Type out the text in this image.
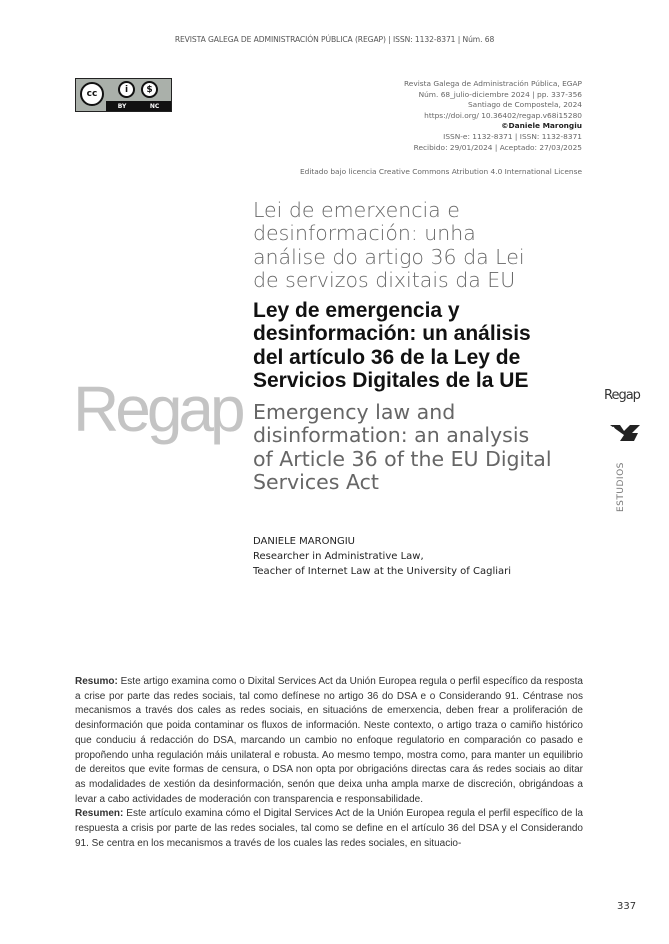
REVISTA GALEGA DE ADMINISTRACIÓN PÚBLICA (REGAP) | ISSN: 1132-8371 | Núm. 68
cc	i	$
BY	NC
Revista Galega de Administración Pública, EGAP
Núm. 68_julio-diciembre 2024 | pp. 337-356
Santiago de Compostela, 2024
https://doi.org/ 10.36402/regap.v68i15280
©Daniele Marongiu
ISSN-e: 1132-8371 | ISSN: 1132-8371
Recibido: 29/01/2024 | Aceptado: 27/03/2025
Editado bajo licencia Creative Commons Atribution 4.0 International License
Lei de emerxencia e desinformación: unha análise do artigo 36 da Lei de servizos dixitais da EU
Ley de emergencia y desinformación: un análisis del artículo 36 de la Ley de Servicios Digitales de la UE
Emergency law and disinformation: an analysis of Article 36 of the EU Digital Services Act
Regap	Regap
ESTUDIOS
DANIELE MARONGIU
Researcher in Administrative Law,
Teacher of Internet Law at the University of Cagliari
Resumo: Este artigo examina como o Dixital Services Act da Unión Europea regula o perfil específico da resposta a crise por parte das redes sociais, tal como defínese no artigo 36 do DSA e o Considerando 91. Céntrase nos mecanismos a través dos cales as redes sociais, en situacións de emerxencia, deben frear a proliferación de desinformación que poida contaminar os fluxos de información. Neste contexto, o artigo traza o camiño histórico que conduciu á redacción do DSA, marcando un cambio no enfoque regulatorio en comparación co pasado e propoñendo unha regulación máis unilateral e robusta. Ao mesmo tempo, mostra como, para manter un equilibrio de dereitos que evite formas de censura, o DSA non opta por obrigacións directas cara ás redes sociais ao ditar as modalidades de xestión da desinformación, senón que deixa unha ampla marxe de discreción, obrigándoas a levar a cabo actividades de moderación con transparencia e responsabilidade.
Resumen: Este artículo examina cómo el Digital Services Act de la Unión Europea regula el perfil específico de la respuesta a crisis por parte de las redes sociales, tal como se define en el artículo 36 del DSA y el Considerando 91. Se centra en los mecanismos a través de los cuales las redes sociales, en situacio-
337
